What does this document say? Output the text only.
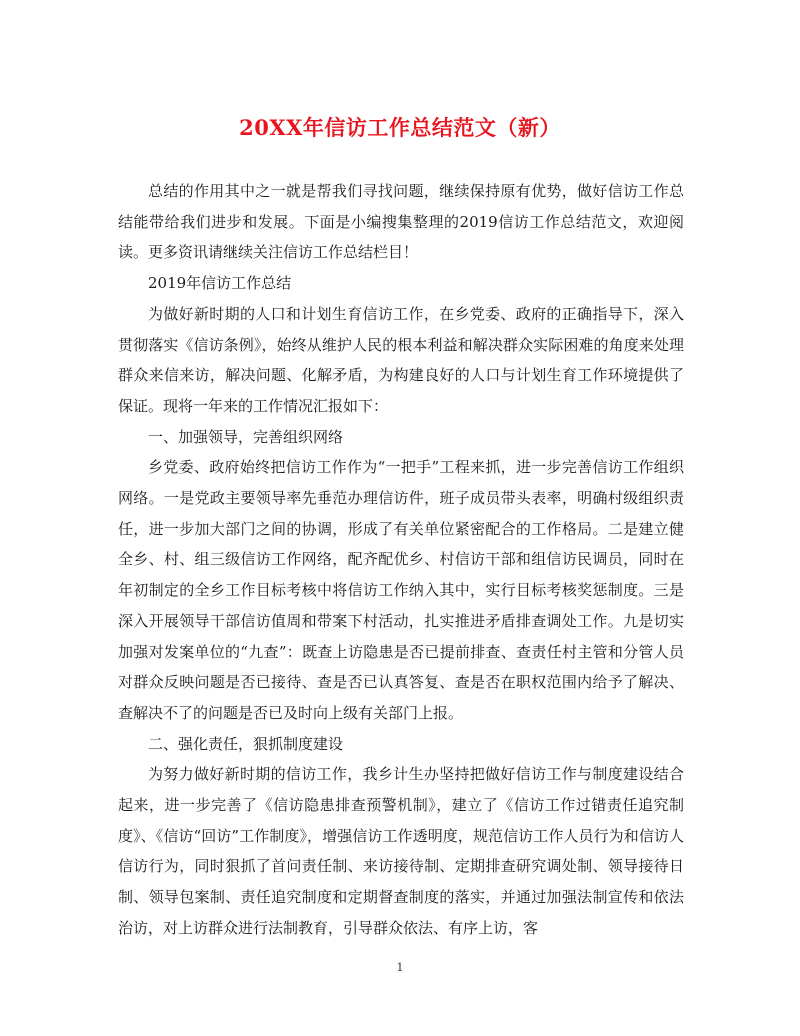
20XX年信访工作总结范文（新）

总结的作用其中之一就是帮我们寻找问题，继续保持原有优势，做好信访工作总结能带给我们进步和发展。下面是小编搜集整理的2019信访工作总结范文，欢迎阅读。更多资讯请继续关注信访工作总结栏目！

2019年信访工作总结

为做好新时期的人口和计划生育信访工作，在乡党委、政府的正确指导下，深入贯彻落实《信访条例》，始终从维护人民的根本利益和解决群众实际困难的角度来处理群众来信来访，解决问题、化解矛盾，为构建良好的人口与计划生育工作环境提供了保证。现将一年来的工作情况汇报如下：

一、加强领导，完善组织网络

乡党委、政府始终把信访工作作为“一把手”工程来抓，进一步完善信访工作组织网络。一是党政主要领导率先垂范办理信访件，班子成员带头表率，明确村级组织责任，进一步加大部门之间的协调，形成了有关单位紧密配合的工作格局。二是建立健全乡、村、组三级信访工作网络，配齐配优乡、村信访干部和组信访民调员，同时在年初制定的全乡工作目标考核中将信访工作纳入其中，实行目标考核奖惩制度。三是深入开展领导干部信访值周和带案下村活动，扎实推进矛盾排查调处工作。九是切实加强对发案单位的“九查”：既查上访隐患是否已提前排查、查责任村主管和分管人员对群众反映问题是否已接待、查是否已认真答复、查是否在职权范围内给予了解决、查解决不了的问题是否已及时向上级有关部门上报。

二、强化责任，狠抓制度建设

为努力做好新时期的信访工作，我乡计生办坚持把做好信访工作与制度建设结合起来，进一步完善了《信访隐患排查预警机制》，建立了《信访工作过错责任追究制度》、《信访“回访”工作制度》，增强信访工作透明度，规范信访工作人员行为和信访人信访行为，同时狠抓了首问责任制、来访接待制、定期排查研究调处制、领导接待日制、领导包案制、责任追究制度和定期督查制度的落实，并通过加强法制宣传和依法治访，对上访群众进行法制教育，引导群众依法、有序上访，客

1
